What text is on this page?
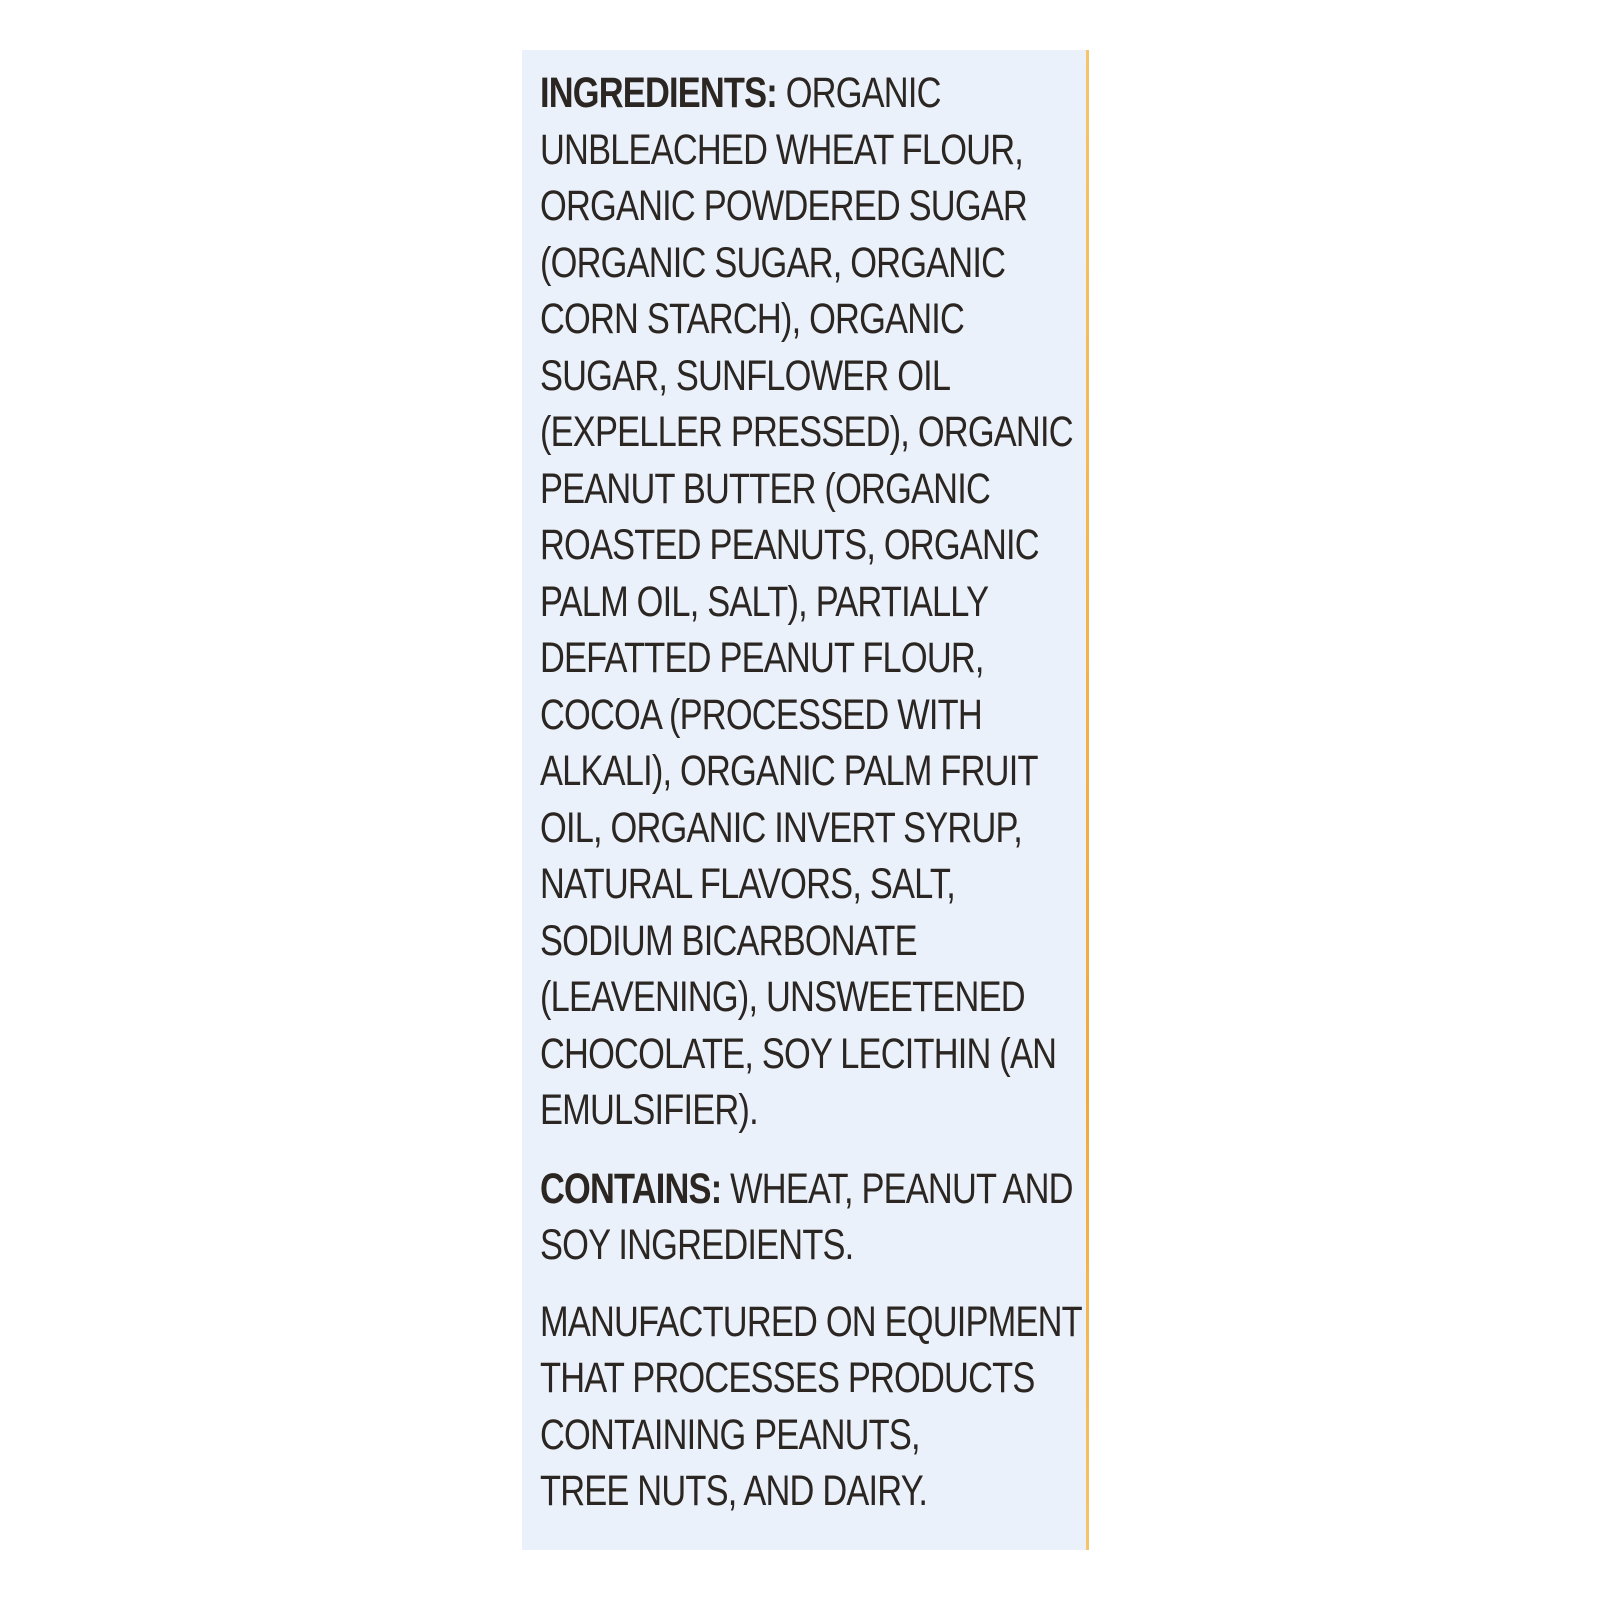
INGREDIENTS: ORGANIC
UNBLEACHED WHEAT FLOUR,
ORGANIC POWDERED SUGAR
(ORGANIC SUGAR, ORGANIC
CORN STARCH), ORGANIC
SUGAR, SUNFLOWER OIL
(EXPELLER PRESSED), ORGANIC
PEANUT BUTTER (ORGANIC
ROASTED PEANUTS, ORGANIC
PALM OIL, SALT), PARTIALLY
DEFATTED PEANUT FLOUR,
COCOA (PROCESSED WITH
ALKALI), ORGANIC PALM FRUIT
OIL, ORGANIC INVERT SYRUP,
NATURAL FLAVORS, SALT,
SODIUM BICARBONATE
(LEAVENING), UNSWEETENED
CHOCOLATE, SOY LECITHIN (AN
EMULSIFIER).
CONTAINS: WHEAT, PEANUT AND
SOY INGREDIENTS.
MANUFACTURED ON EQUIPMENT
THAT PROCESSES PRODUCTS
CONTAINING PEANUTS,
TREE NUTS, AND DAIRY.
